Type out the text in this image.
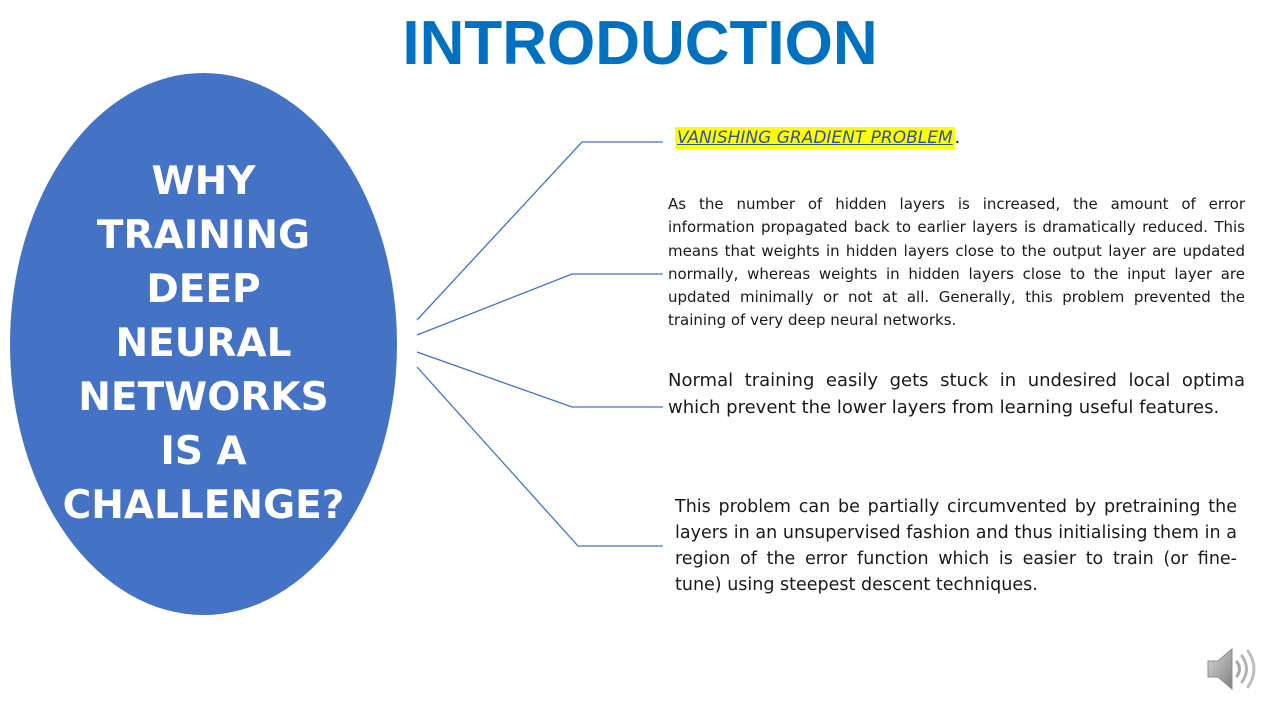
INTRODUCTION
WHY
TRAINING
DEEP
NEURAL
NETWORKS
IS A
CHALLENGE?
VANISHING GRADIENT PROBLEM .
As the number of hidden layers is increased, the amount of error information propagated back to earlier layers is dramatically reduced. This means that weights in hidden layers close to the output layer are updated normally, whereas weights in hidden layers close to the input layer are updated minimally or not at all. Generally, this problem prevented the training of very deep neural networks.
Normal training easily gets stuck in undesired local optima which prevent the lower layers from learning useful features.
This problem can be partially circumvented by pretraining the layers in an unsupervised fashion and thus initialising them in a region of the error function which is easier to train (or fine-tune) using steepest descent techniques.
